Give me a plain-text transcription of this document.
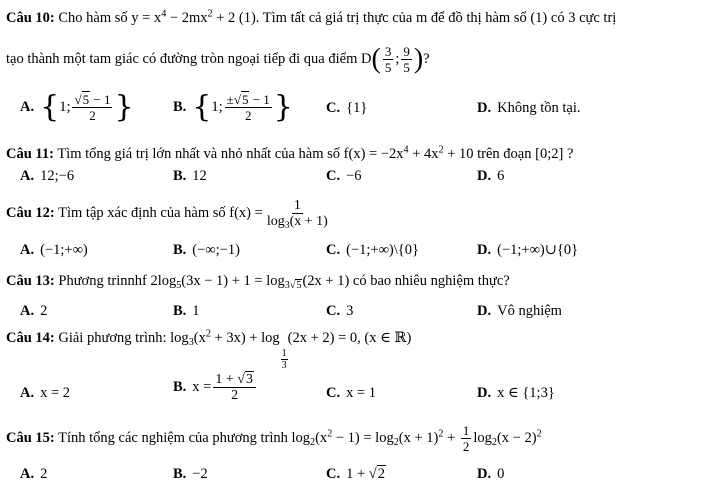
Câu 10: Cho hàm số $y = x^4 - 2mx^2 + 2$ (1). Tìm tất cả giá trị thực của m để đồ thị hàm số (1) có 3 cực trị
tạo thành một tam giác có đường tròn ngoại tiếp đi qua điểm $D( \frac{3}{5}$ ; $\frac{9}{5}$ )?
A. {1; $\frac{√5 - 1}{2}$ }	B. {1; $\frac{\pm√5 - 1}{2}$ } C. {1}	D. Không tồn tại.
Câu 11: Tìm tổng giá trị lớn nhất và nhỏ nhất của hàm số $f(x) = -2x^4 + 4x^2 + 10$ trên đoạn [0;2] ?
A. 12;−6	B. 12	C. −6	D. 6
Câu 12: Tìm tập xác định của hàm số $f(x) = \frac{1}{\log_3(x + 1)}$
A. (−1;+∞)	B. (−∞;−1)	C. (−1;+∞)\{0}	D. (−1;+∞)∪{0}
Câu 13: Phương trinnhf $2\log_5(3x - 1) + 1 = \log_{3√5}(2x + 1)$ có bao nhiêu nghiệm thực?
A. 2	B. 1	C. 3	D. Vô nghiệm
Câu 14: Giải phương trình: $\log_3(x^2 + 3x) + \log$
$\frac{1}{3}$
(2x + 2) = 0, (x ∈ ℝ)
A. x = 2	B. $x = \frac{1 + √3}{2}$	C. x = 1	D. x ∈ {1;3}
Câu 15: Tính tổng các nghiệm của phương trình $\log_2(x^2 - 1) = \log_2(x + 1)^2 + \frac{1}{2} \log_2(x - 2)^2$
A. 2	B. −2	C. 1 + √2	D. 0
